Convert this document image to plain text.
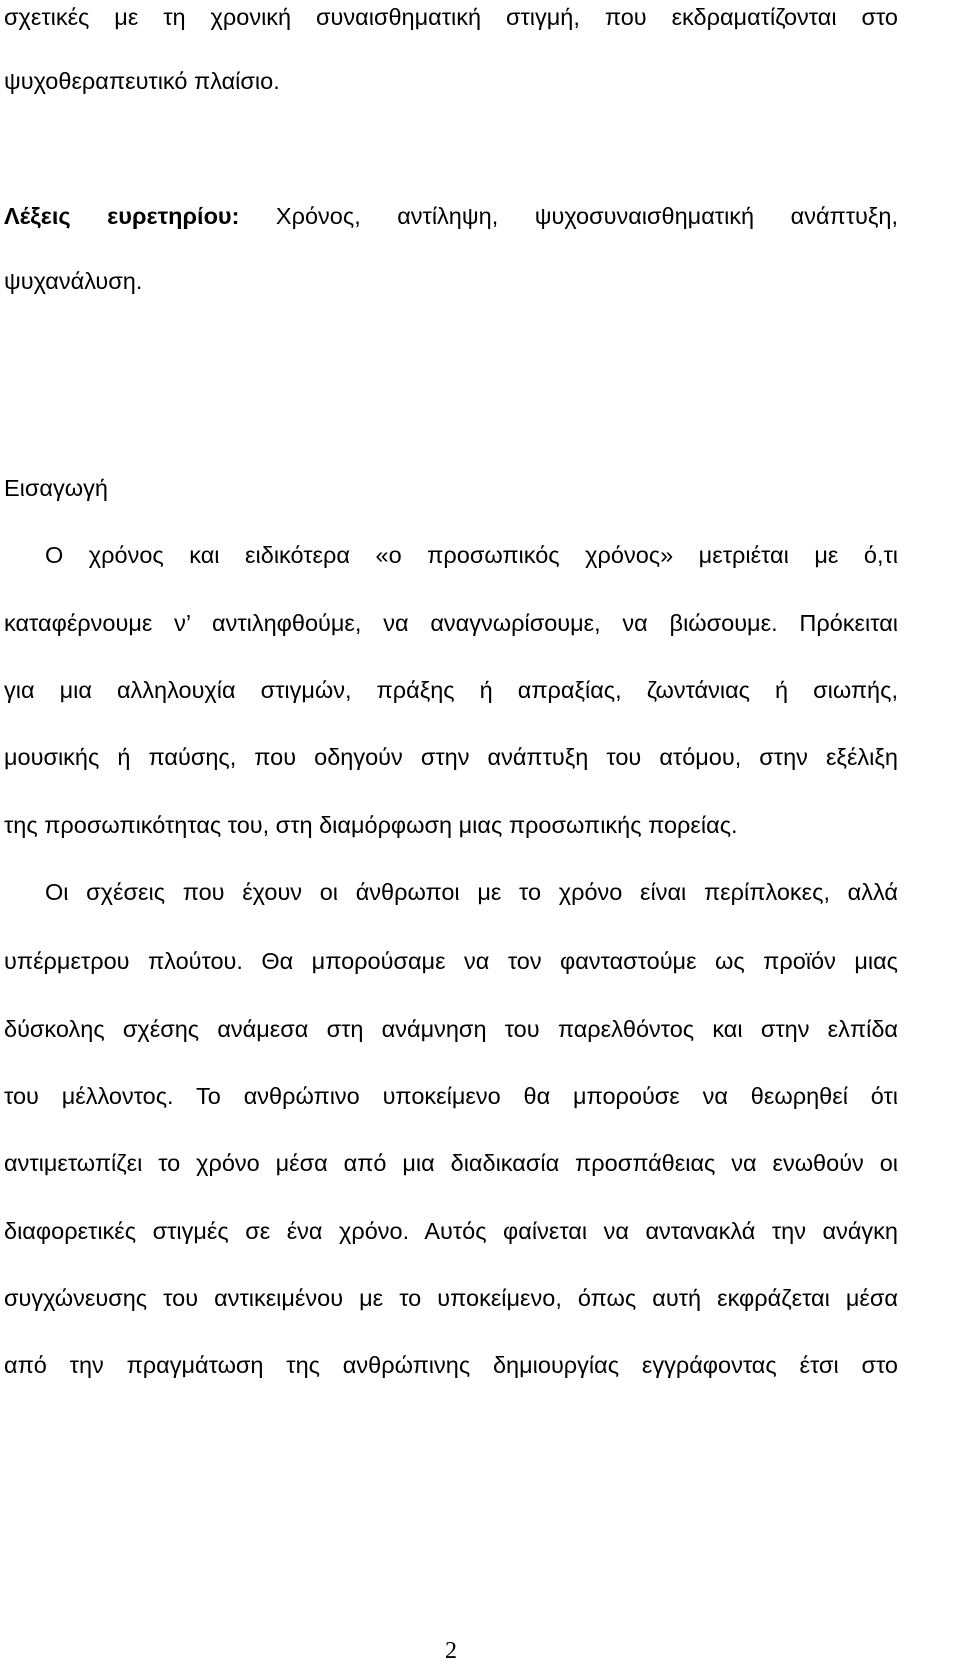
σχετικές με τη χρονική συναισθηματική στιγμή, που εκδραματίζονται στο
ψυχοθεραπευτικό πλαίσιο.
Λέξεις ευρετηρίου: Χρόνος, αντίληψη, ψυχοσυναισθηματική ανάπτυξη,
ψυχανάλυση.
Εισαγωγή
Ο χρόνος και ειδικότερα «ο προσωπικός χρόνος» μετριέται με ό,τι
καταφέρνουμε ν’ αντιληφθούμε, να αναγνωρίσουμε, να βιώσουμε. Πρόκειται
για μια αλληλουχία στιγμών, πράξης ή απραξίας, ζωντάνιας ή σιωπής,
μουσικής ή παύσης, που οδηγούν στην ανάπτυξη του ατόμου, στην εξέλιξη
της προσωπικότητας του, στη διαμόρφωση μιας προσωπικής πορείας.
Οι σχέσεις που έχουν οι άνθρωποι με το χρόνο είναι περίπλοκες, αλλά
υπέρμετρου πλούτου. Θα μπορούσαμε να τον φανταστούμε ως προϊόν μιας
δύσκολης σχέσης ανάμεσα στη ανάμνηση του παρελθόντος και στην ελπίδα
του μέλλοντος. Το ανθρώπινο υποκείμενο θα μπορούσε να θεωρηθεί ότι
αντιμετωπίζει το χρόνο μέσα από μια διαδικασία προσπάθειας να ενωθούν οι
διαφορετικές στιγμές σε ένα χρόνο. Αυτός φαίνεται να αντανακλά την ανάγκη
συγχώνευσης του αντικειμένου με το υποκείμενο, όπως αυτή εκφράζεται μέσα
από την πραγμάτωση της ανθρώπινης δημιουργίας εγγράφοντας έτσι στο
2
